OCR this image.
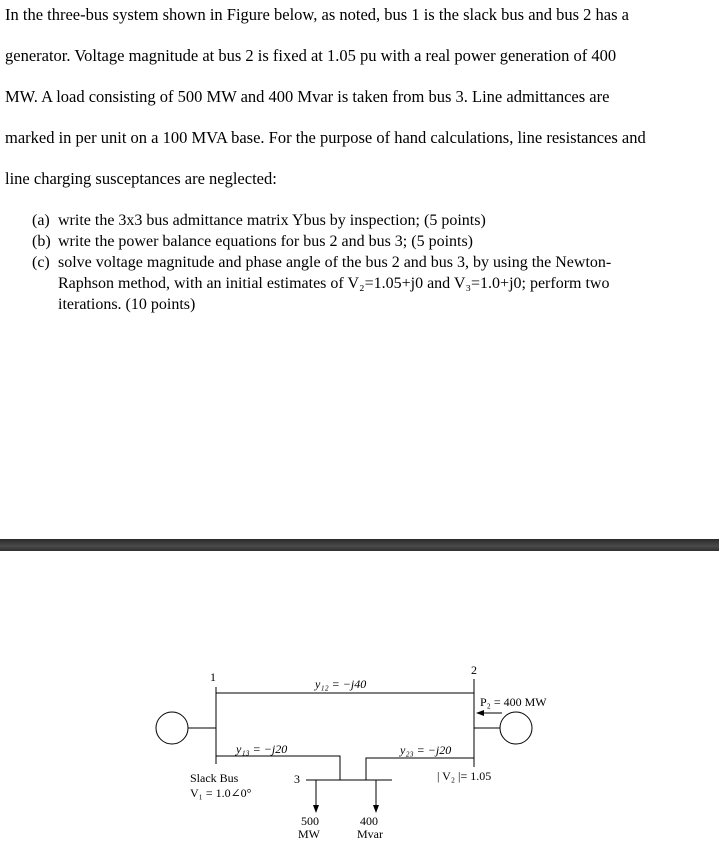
In the three-bus system shown in Figure below, as noted, bus 1 is the slack bus and bus 2 has a
generator. Voltage magnitude at bus 2 is fixed at 1.05 pu with a real power generation of 400
MW. A load consisting of 500 MW and 400 Mvar is taken from bus 3. Line admittances are
marked in per unit on a 100 MVA base. For the purpose of hand calculations, line resistances and
line charging susceptances are neglected:
(a) write the 3x3 bus admittance matrix Ybus by inspection; (5 points)
(b) write the power balance equations for bus 2 and bus 3; (5 points)
(c) solve voltage magnitude and phase angle of the bus 2 and bus 3, by using the Newton-
Raphson method, with an initial estimates of V₂=1.05+j0 and V₃=1.0+j0; perform two
iterations. (10 points)
1	2
3
y₁₂ = −j40
y₁₃ = −j20	y₂₃ = −j20
P₂ = 400 MW
| V₂ |= 1.05
Slack Bus
V₁ = 1.0∠0°
500
MW
400
Mvar
